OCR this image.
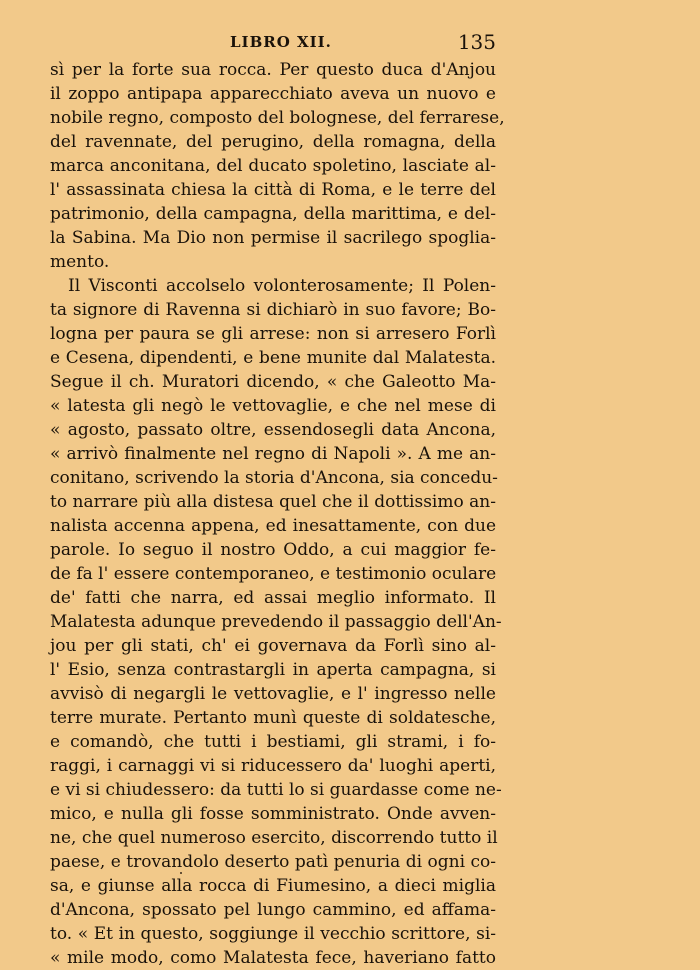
LIBRO XII.	135
sì per la forte sua rocca. Per questo duca d'Anjou
il zoppo antipapa apparecchiato aveva un nuovo e
nobile regno, composto del bolognese, del ferrarese,
del ravennate, del perugino, della romagna, della
marca anconitana, del ducato spoletino, lasciate al-
l' assassinata chiesa la città di Roma, e le terre del
patrimonio, della campagna, della marittima, e del-
la Sabina. Ma Dio non permise il sacrilego spoglia-
mento.
Il Visconti accolselo volonterosamente; Il Polen-
ta signore di Ravenna si dichiarò in suo favore; Bo-
logna per paura se gli arrese: non si arresero Forlì
e Cesena, dipendenti, e bene munite dal Malatesta.
Segue il ch. Muratori dicendo, « che Galeotto Ma-
« latesta gli negò le vettovaglie, e che nel mese di
« agosto, passato oltre, essendosegli data Ancona,
« arrivò finalmente nel regno di Napoli ». A me an-
conitano, scrivendo la storia d'Ancona, sia concedu-
to narrare più alla distesa quel che il dottissimo an-
nalista accenna appena, ed inesattamente, con due
parole. Io seguo il nostro Oddo, a cui maggior fe-
de fa l' essere contemporaneo, e testimonio oculare
de' fatti che narra, ed assai meglio informato. Il
Malatesta adunque prevedendo il passaggio dell'An-
jou per gli stati, ch' ei governava da Forlì sino al-
l' Esio, senza contrastargli in aperta campagna, si
avvisò di negargli le vettovaglie, e l' ingresso nelle
terre murate. Pertanto munì queste di soldatesche,
e comandò, che tutti i bestiami, gli strami, i fo-
raggi, i carnaggi vi si riducessero da' luoghi aperti,
e vi si chiudessero: da tutti lo si guardasse come ne-
mico, e nulla gli fosse somministrato. Onde avven-
ne, che quel numeroso esercito, discorrendo tutto il
paese, e trovandolo deserto patì penuria di ogni co-
sa, e giunse alla rocca di Fiumesino, a dieci miglia
d'Ancona, spossato pel lungo cammino, ed affama-
to. « Et in questo, soggiunge il vecchio scrittore, si-
« mile modo, como Malatesta fece, haveriano fatto
